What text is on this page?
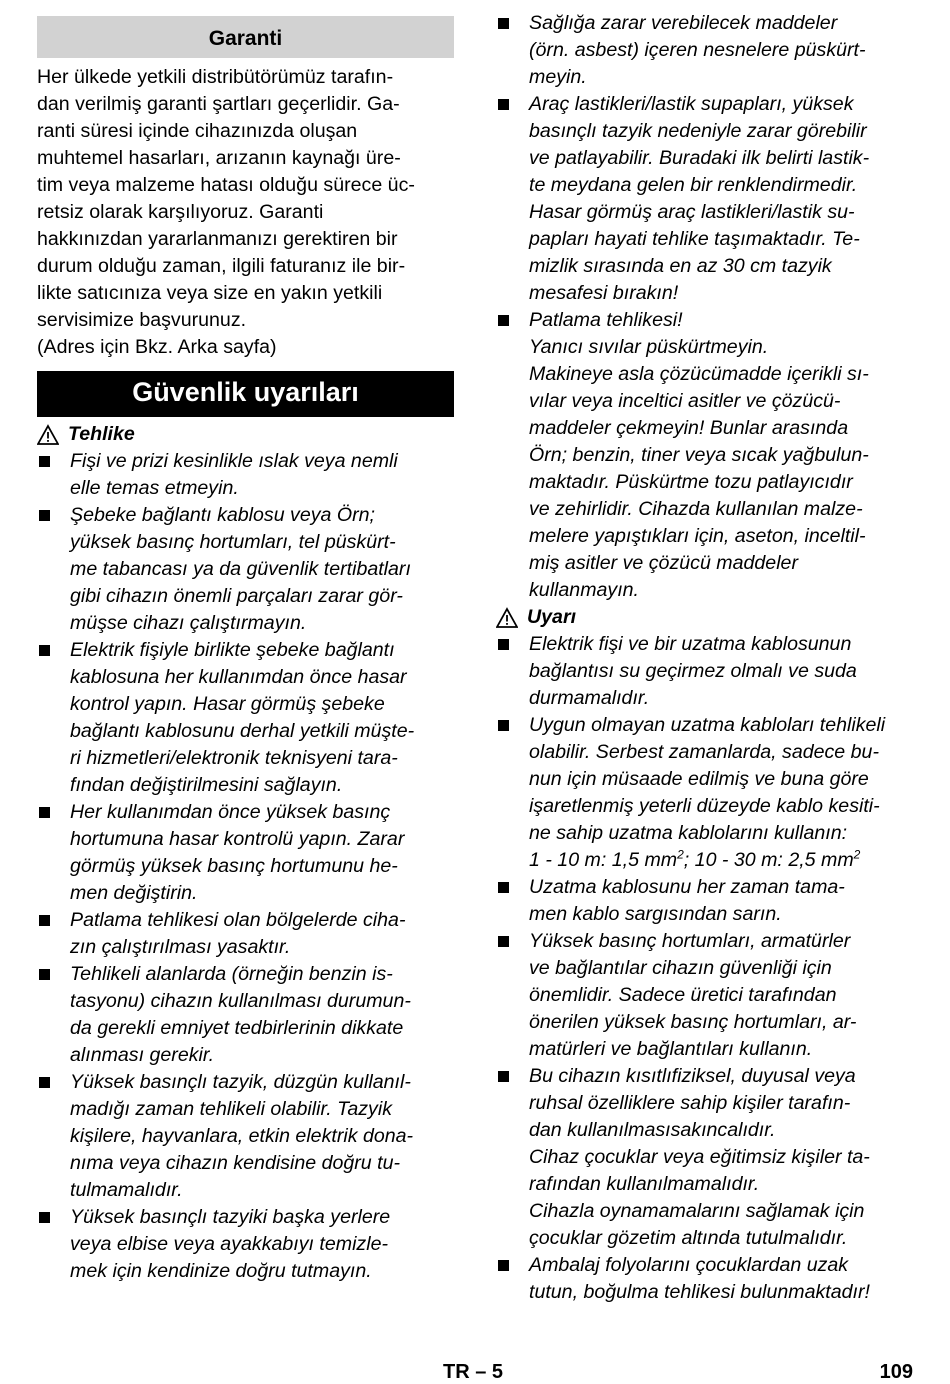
Garanti
Her ülkede yetkili distribütörümüz tarafın-
dan verilmiş garanti şartları geçerlidir. Ga-
ranti süresi içinde cihazınızda oluşan
muhtemel hasarları, arızanın kaynağı üre-
tim veya malzeme hatası olduğu sürece üc-
retsiz olarak karşılıyoruz. Garanti
hakkınızdan yararlanmanızı gerektiren bir
durum olduğu zaman, ilgili faturanız ile bir-
likte satıcınıza veya size en yakın yetkili
servisimize başvurunuz.
(Adres için Bkz. Arka sayfa)
Güvenlik uyarıları
Tehlike
Fişi ve prizi kesinlikle ıslak veya nemli
elle temas etmeyin.
Şebeke bağlantı kablosu veya Örn;
yüksek basınç hortumları, tel püskürt-
me tabancası ya da güvenlik tertibatları
gibi cihazın önemli parçaları zarar gör-
müşse cihazı çalıştırmayın.
Elektrik fişiyle birlikte şebeke bağlantı
kablosuna her kullanımdan önce hasar
kontrol yapın. Hasar görmüş şebeke
bağlantı kablosunu derhal yetkili müşte-
ri hizmetleri/elektronik teknisyeni tara-
fından değiştirilmesini sağlayın.
Her kullanımdan önce yüksek basınç
hortumuna hasar kontrolü yapın. Zarar
görmüş yüksek basınç hortumunu he-
men değiştirin.
Patlama tehlikesi olan bölgelerde ciha-
zın çalıştırılması yasaktır.
Tehlikeli alanlarda (örneğin benzin is-
tasyonu) cihazın kullanılması durumun-
da gerekli emniyet tedbirlerinin dikkate
alınması gerekir.
Yüksek basınçlı tazyik, düzgün kullanıl-
madığı zaman tehlikeli olabilir. Tazyik
kişilere, hayvanlara, etkin elektrik dona-
nıma veya cihazın kendisine doğru tu-
tulmamalıdır.
Yüksek basınçlı tazyiki başka yerlere
veya elbise veya ayakkabıyı temizle-
mek için kendinize doğru tutmayın.
Sağlığa zarar verebilecek maddeler
(örn. asbest) içeren nesnelere püskürt-
meyin.
Araç lastikleri/lastik supapları, yüksek
basınçlı tazyik nedeniyle zarar görebilir
ve patlayabilir. Buradaki ilk belirti lastik-
te meydana gelen bir renklendirmedir.
Hasar görmüş araç lastikleri/lastik su-
papları hayati tehlike taşımaktadır. Te-
mizlik sırasında en az 30 cm tazyik
mesafesi bırakın!
Patlama tehlikesi!
Yanıcı sıvılar püskürtmeyin.
Makineye asla çözücümadde içerikli sı-
vılar veya inceltici asitler ve çözücü-
maddeler çekmeyin! Bunlar arasında
Örn; benzin, tiner veya sıcak yağbulun-
maktadır. Püskürtme tozu patlayıcıdır
ve zehirlidir. Cihazda kullanılan malze-
melere yapıştıkları için, aseton, inceltil-
miş asitler ve çözücü maddeler
kullanmayın.
Uyarı
Elektrik fişi ve bir uzatma kablosunun
bağlantısı su geçirmez olmalı ve suda
durmamalıdır.
Uygun olmayan uzatma kabloları tehlikeli
olabilir. Serbest zamanlarda, sadece bu-
nun için müsaade edilmiş ve buna göre
işaretlenmiş yeterli düzeyde kablo kesiti-
ne sahip uzatma kablolarını kullanın:
1 - 10 m: 1,5 $mm^2$; 10 - 30 m: 2,5 $mm^2$
Uzatma kablosunu her zaman tama-
men kablo sargısından sarın.
Yüksek basınç hortumları, armatürler
ve bağlantılar cihazın güvenliği için
önemlidir. Sadece üretici tarafından
önerilen yüksek basınç hortumları, ar-
matürleri ve bağlantıları kullanın.
Bu cihazın kısıtlıfiziksel, duyusal veya
ruhsal özelliklere sahip kişiler tarafın-
dan kullanılmasısakıncalıdır.
Cihaz çocuklar veya eğitimsiz kişiler ta-
rafından kullanılmamalıdır.
Cihazla oynamamalarını sağlamak için
çocuklar gözetim altında tutulmalıdır.
Ambalaj folyolarını çocuklardan uzak
tutun, boğulma tehlikesi bulunmaktadır!
TR – 5	109
